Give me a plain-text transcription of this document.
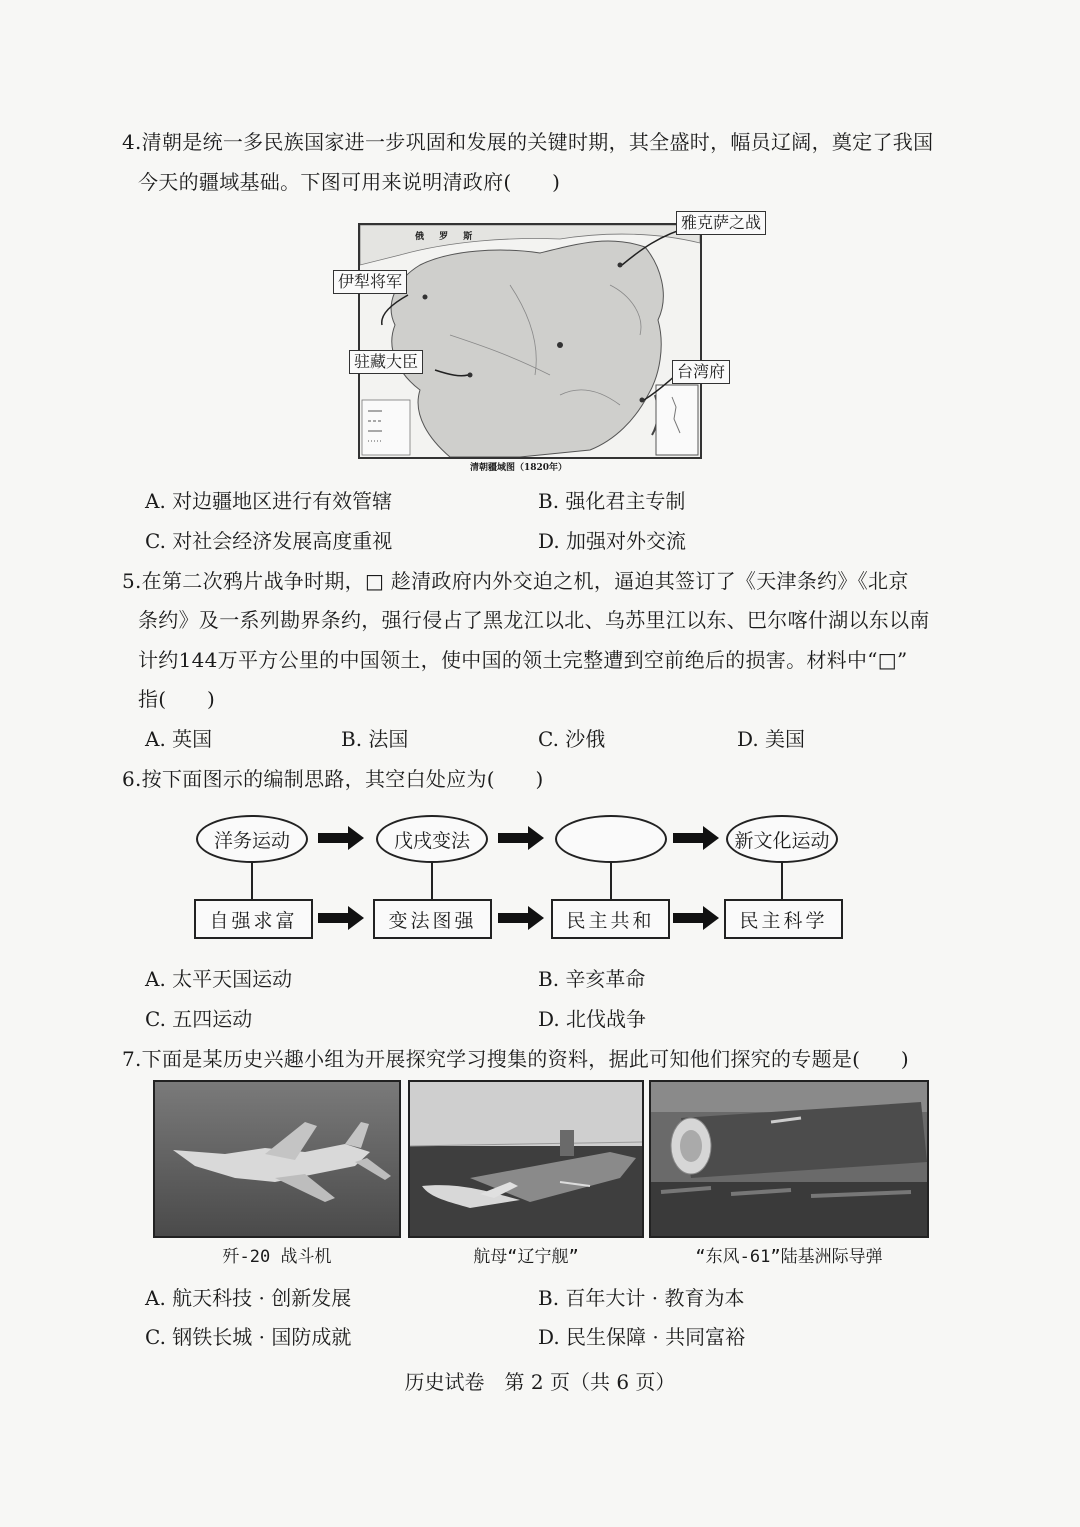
4.清朝是统一多民族国家进一步巩固和发展的关键时期，其全盛时，幅员辽阔，奠定了我国
今天的疆域基础。下图可用来说明清政府(　　)
俄 罗 斯
雅克萨之战
伊犁将军
驻藏大臣
台湾府
清朝疆域图（1820年）
A. 对边疆地区进行有效管辖	B. 强化君主专制
C. 对社会经济发展高度重视	D. 加强对外交流
5.在第二次鸦片战争时期，□ 趁清政府内外交迫之机，逼迫其签订了《天津条约》《北京
条约》及一系列勘界条约，强行侵占了黑龙江以北、乌苏里江以东、巴尔喀什湖以东以南
计约144万平方公里的中国领土，使中国的领土完整遭到空前绝后的损害。材料中“□”
指(　　)
A. 英国	B. 法国	C. 沙俄	D. 美国
6.按下面图示的编制思路，其空白处应为(　　)
洋务运动	戊戌变法	新文化运动
自强求富	变法图强	民主共和	民主科学
A. 太平天国运动	B. 辛亥革命
C. 五四运动	D. 北伐战争
7.下面是某历史兴趣小组为开展探究学习搜集的资料，据此可知他们探究的专题是(　　)
歼-20 战斗机	航母“辽宁舰”	“东风-61”陆基洲际导弹
A. 航天科技 · 创新发展	B. 百年大计 · 教育为本
C. 钢铁长城 · 国防成就	D. 民生保障 · 共同富裕
历史试卷　第 2 页（共 6 页）
